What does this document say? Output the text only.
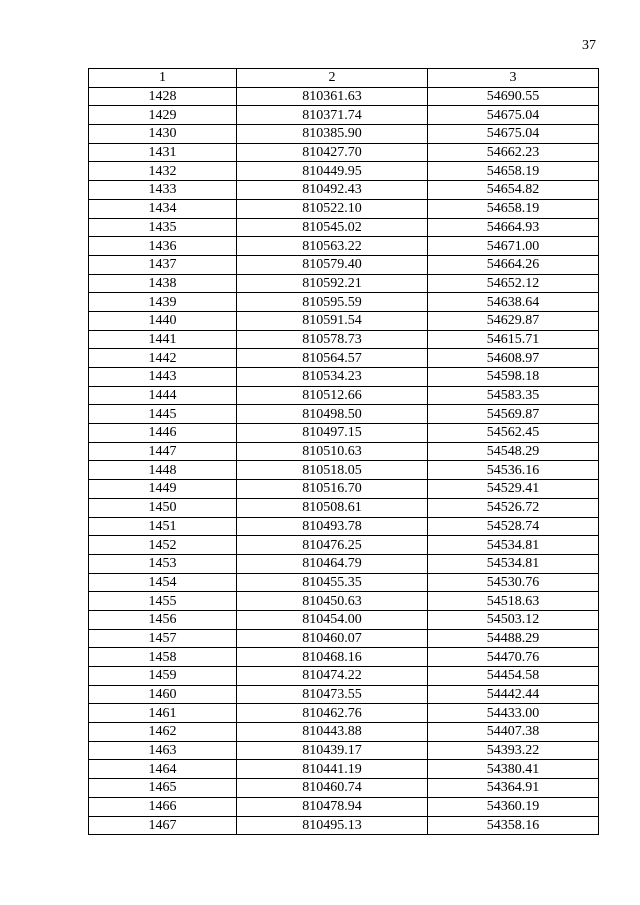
37
1	2	3
1428	810361.63	54690.55
1429	810371.74	54675.04
1430	810385.90	54675.04
1431	810427.70	54662.23
1432	810449.95	54658.19
1433	810492.43	54654.82
1434	810522.10	54658.19
1435	810545.02	54664.93
1436	810563.22	54671.00
1437	810579.40	54664.26
1438	810592.21	54652.12
1439	810595.59	54638.64
1440	810591.54	54629.87
1441	810578.73	54615.71
1442	810564.57	54608.97
1443	810534.23	54598.18
1444	810512.66	54583.35
1445	810498.50	54569.87
1446	810497.15	54562.45
1447	810510.63	54548.29
1448	810518.05	54536.16
1449	810516.70	54529.41
1450	810508.61	54526.72
1451	810493.78	54528.74
1452	810476.25	54534.81
1453	810464.79	54534.81
1454	810455.35	54530.76
1455	810450.63	54518.63
1456	810454.00	54503.12
1457	810460.07	54488.29
1458	810468.16	54470.76
1459	810474.22	54454.58
1460	810473.55	54442.44
1461	810462.76	54433.00
1462	810443.88	54407.38
1463	810439.17	54393.22
1464	810441.19	54380.41
1465	810460.74	54364.91
1466	810478.94	54360.19
1467	810495.13	54358.16
